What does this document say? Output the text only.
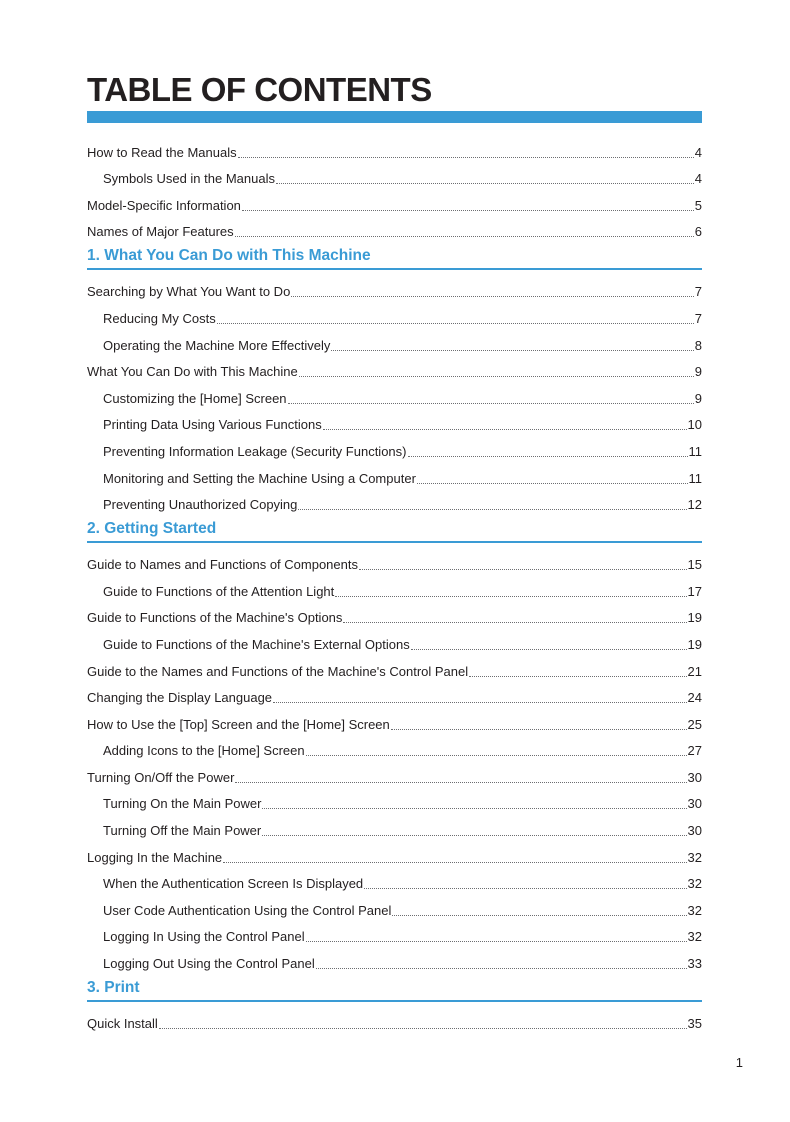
TABLE OF CONTENTS
How to Read the Manuals	4
Symbols Used in the Manuals	4
Model-Specific Information	5
Names of Major Features	6
1. What You Can Do with This Machine
Searching by What You Want to Do	7
Reducing My Costs	7
Operating the Machine More Effectively	8
What You Can Do with This Machine	9
Customizing the [Home] Screen	9
Printing Data Using Various Functions	10
Preventing Information Leakage (Security Functions)	11
Monitoring and Setting the Machine Using a Computer	11
Preventing Unauthorized Copying	12
2. Getting Started
Guide to Names and Functions of Components	15
Guide to Functions of the Attention Light	17
Guide to Functions of the Machine's Options	19
Guide to Functions of the Machine's External Options	19
Guide to the Names and Functions of the Machine's Control Panel	21
Changing the Display Language	24
How to Use the [Top] Screen and the [Home] Screen	25
Adding Icons to the [Home] Screen	27
Turning On/Off the Power	30
Turning On the Main Power	30
Turning Off the Main Power	30
Logging In the Machine	32
When the Authentication Screen Is Displayed	32
User Code Authentication Using the Control Panel	32
Logging In Using the Control Panel	32
Logging Out Using the Control Panel	33
3. Print
Quick Install	35
1
